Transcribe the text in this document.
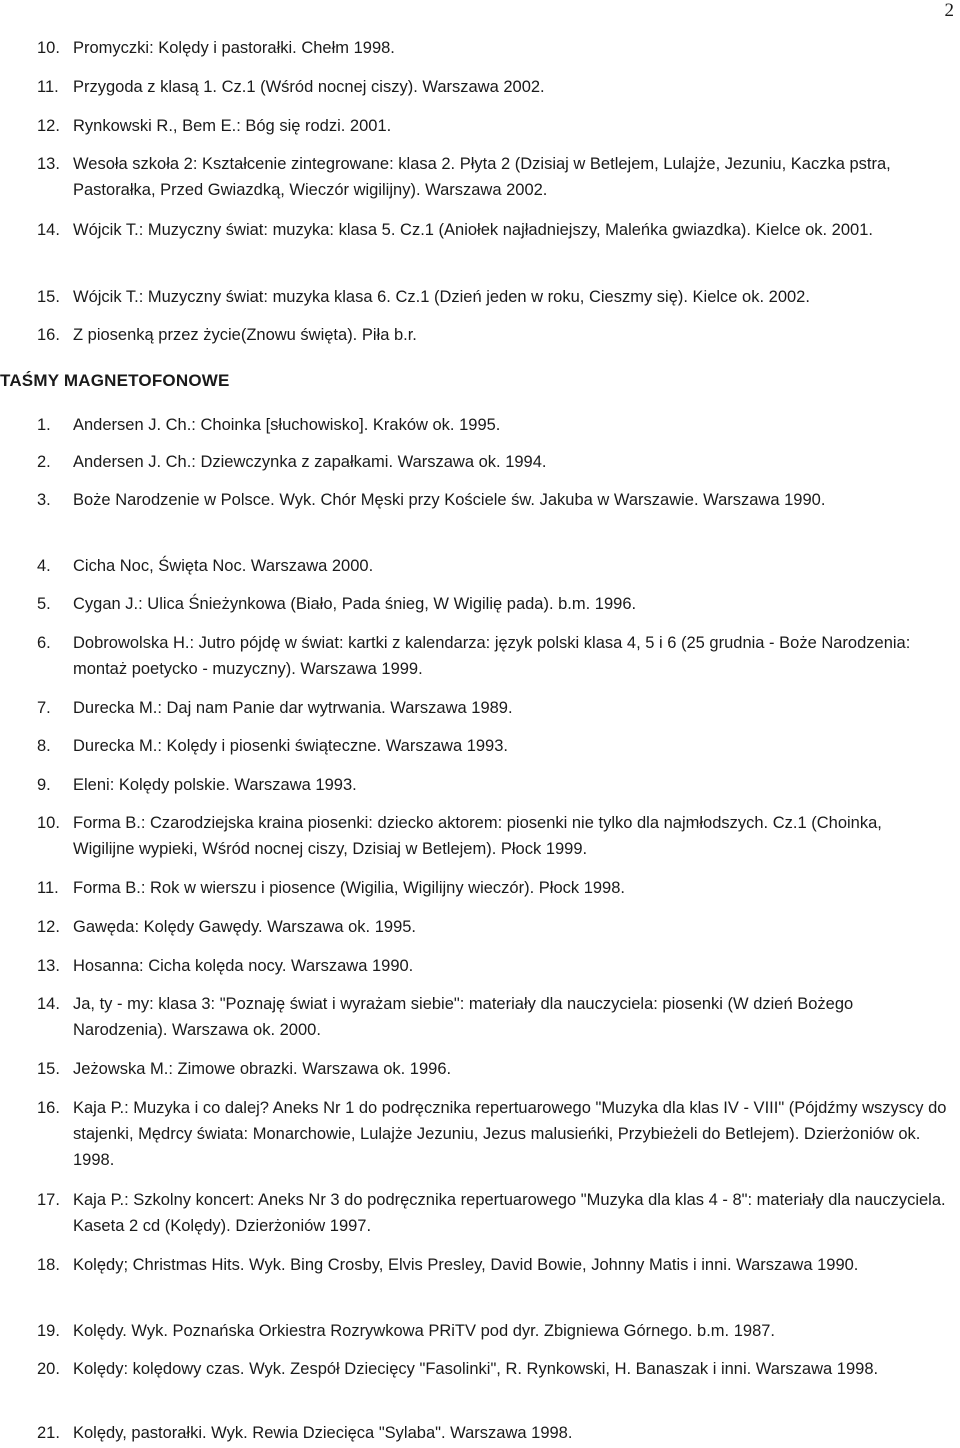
2
10. Promyczki: Kolędy i pastorałki. Chełm 1998.
11. Przygoda z klasą 1. Cz.1 (Wśród nocnej ciszy). Warszawa 2002.
12. Rynkowski R., Bem E.: Bóg się rodzi. 2001.
13. Wesoła szkoła 2: Kształcenie zintegrowane: klasa 2. Płyta 2 (Dzisiaj w Betlejem, Lulajże, Jezuniu, Kaczka pstra, Pastorałka, Przed Gwiazdką, Wieczór wigilijny). Warszawa 2002.
14. Wójcik T.: Muzyczny świat: muzyka: klasa 5. Cz.1 (Aniołek najładniejszy, Maleńka gwiazdka). Kielce ok. 2001.
15. Wójcik T.: Muzyczny świat: muzyka klasa 6. Cz.1 (Dzień jeden w roku, Cieszmy się). Kielce ok. 2002.
16. Z piosenką przez życie(Znowu święta). Piła b.r.
TAŚMY MAGNETOFONOWE
1.	Andersen J. Ch.: Choinka [słuchowisko]. Kraków ok. 1995.
2.	Andersen J. Ch.: Dziewczynka z zapałkami. Warszawa ok. 1994.
3.	Boże Narodzenie w Polsce. Wyk. Chór Męski przy Kościele św. Jakuba w Warszawie. Warszawa 1990.
4.	Cicha Noc, Święta Noc. Warszawa 2000.
5.	Cygan J.: Ulica Śnieżynkowa (Biało, Pada śnieg, W Wigilię pada). b.m. 1996.
6.	Dobrowolska H.: Jutro pójdę w świat: kartki z kalendarza: język polski klasa 4, 5 i 6 (25 grudnia - Boże Narodzenia: montaż poetycko - muzyczny). Warszawa 1999.
7.	Durecka M.: Daj nam Panie dar wytrwania. Warszawa 1989.
8.	Durecka M.: Kolędy i piosenki świąteczne. Warszawa 1993.
9.	Eleni: Kolędy polskie. Warszawa 1993.
10. Forma B.: Czarodziejska kraina piosenki: dziecko aktorem: piosenki nie tylko dla najmłodszych. Cz.1 (Choinka, Wigilijne wypieki, Wśród nocnej ciszy, Dzisiaj w Betlejem). Płock 1999.
11. Forma B.: Rok w wierszu i piosence (Wigilia, Wigilijny wieczór). Płock 1998.
12. Gawęda: Kolędy Gawędy. Warszawa ok. 1995.
13. Hosanna: Cicha kolęda nocy. Warszawa 1990.
14. Ja, ty - my: klasa 3: "Poznaję świat i wyrażam siebie": materiały dla nauczyciela: piosenki (W dzień Bożego Narodzenia). Warszawa ok. 2000.
15. Jeżowska M.: Zimowe obrazki. Warszawa ok. 1996.
16. Kaja P.: Muzyka i co dalej? Aneks Nr 1 do podręcznika repertuarowego "Muzyka dla klas IV - VIII" (Pójdźmy wszyscy do stajenki, Mędrcy świata: Monarchowie, Lulajże Jezuniu, Jezus malusieńki, Przybieżeli do Betlejem). Dzierżoniów ok. 1998.
17. Kaja P.: Szkolny koncert: Aneks Nr 3 do podręcznika repertuarowego "Muzyka dla klas 4 - 8": materiały dla nauczyciela. Kaseta 2 cd (Kolędy). Dzierżoniów 1997.
18. Kolędy; Christmas Hits. Wyk. Bing Crosby, Elvis Presley, David Bowie, Johnny Matis i inni. Warszawa 1990.
19. Kolędy. Wyk. Poznańska Orkiestra Rozrywkowa PRiTV pod dyr. Zbigniewa Górnego. b.m. 1987.
20. Kolędy: kolędowy czas. Wyk. Zespół Dziecięcy "Fasolinki", R. Rynkowski, H. Banaszak i inni. Warszawa 1998.
21. Kolędy, pastorałki. Wyk. Rewia Dziecięca "Sylaba". Warszawa 1998.
